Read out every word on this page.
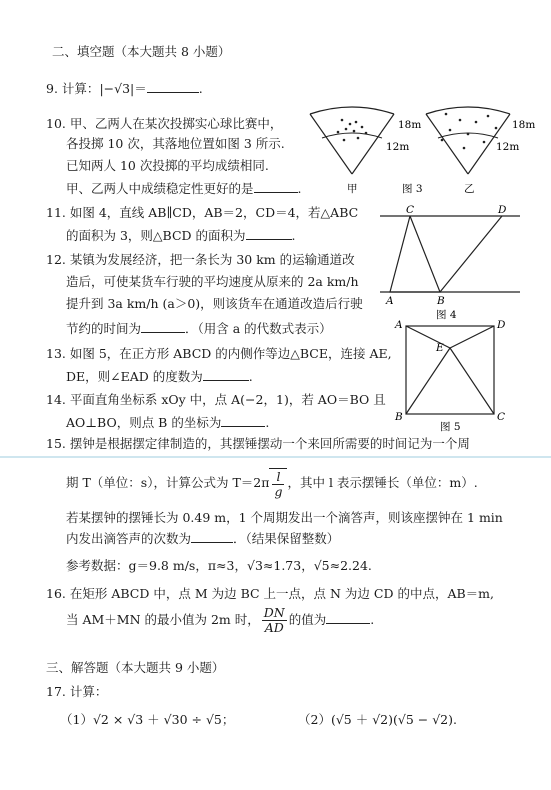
二、填空题（本大题共 8 小题）
9. 计算：|−√3|＝	.
10. 甲、乙两人在某次投掷实心球比赛中，
各投掷 10 次，其落地位置如图 3 所示.
已知两人 10 次投掷的平均成绩相同.
甲、乙两人中成绩稳定性更好的是	.
18m
12m
甲	图 3
18m
12m
乙
11. 如图 4，直线 AB∥CD，AB＝2，CD＝4，若△ABC
的面积为 3，则△BCD 的面积为	.
C	D
A	B
图 4
12. 某镇为发展经济，把一条长为 30 km 的运输通道改
造后，可使某货车行驶的平均速度从原来的 2a km/h
提升到 3a km/h (a＞0)，则该货车在通道改造后行驶
节约的时间为	．（用含 a 的代数式表示）
13. 如图 5，在正方形 ABCD 的内侧作等边△BCE，连接 AE,
DE，则∠EAD 的度数为	.
A	D
B	C
E
图 5
14. 平面直角坐标系 xOy 中，点 A(−2，1)，若 AO＝BO 且
AO⊥BO，则点 B 的坐标为	.
15. 摆钟是根据摆定律制造的，其摆锤摆动一个来回所需要的时间记为一个周
期 T（单位：s），计算公式为 $T=2\pi \frac{l}{g}$ ，其中 l 表示摆锤长（单位：m）.
若某摆钟的摆锤长为 0.49 m，1 个周期发出一个滴答声，则该座摆钟在 1 min
内发出滴答声的次数为	．（结果保留整数）
参考数据：g＝9.8 m/s，π≈3，√3≈1.73，√5≈2.24.
16. 在矩形 ABCD 中，点 M 为边 BC 上一点，点 N 为边 CD 的中点，AB＝m,
当 AM＋MN 的最小值为 2m 时， $\frac{DN}{AD}$ 的值为	.
三、解答题（本大题共 9 小题）
17. 计算：
（1）√2 × √3 ＋ √30 ÷ √5；	（2）(√5 ＋ √2)(√5 − √2).
